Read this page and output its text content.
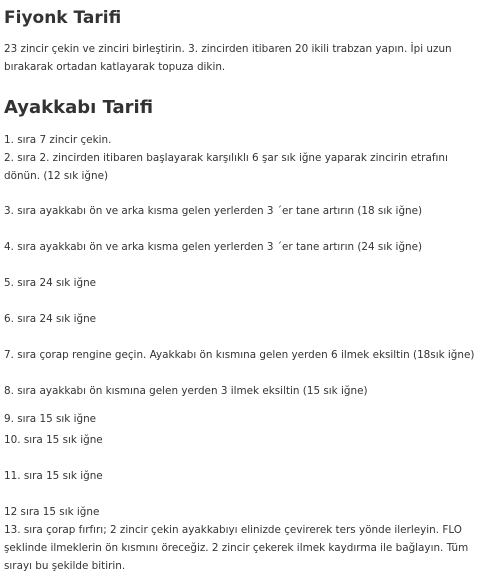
Fiyonk Tarifi

23 zincir çekin ve zinciri birleştirin. 3. zincirden itibaren 20 ikili trabzan yapın. İpi uzun bırakarak ortadan katlayarak topuza dikin.

Ayakkabı Tarifi

1. sıra 7 zincir çekin.

2. sıra 2. zincirden itibaren başlayarak karşılıklı 6 şar sık iğne yaparak zincirin etrafını dönün. (12 sık iğne)

3. sıra ayakkabı ön ve arka kısma gelen yerlerden 3 ´er tane artırın (18 sık iğne)

4. sıra ayakkabı ön ve arka kısma gelen yerlerden 3 ´er tane artırın (24 sık iğne)

5. sıra 24 sık iğne

6. sıra 24 sık iğne

7. sıra çorap rengine geçin. Ayakkabı ön kısmına gelen yerden 6 ilmek eksiltin (18sık iğne)

8. sıra ayakkabı ön kısmına gelen yerden 3 ilmek eksiltin (15 sık iğne)

9. sıra 15 sık iğne

10. sıra 15 sık iğne

11. sıra 15 sık iğne

12 sıra 15 sık iğne

13. sıra çorap fırfırı; 2 zincir çekin ayakkabıyı elinizde çevirerek ters yönde ilerleyin. FLO şeklinde ilmeklerin ön kısmını öreceğiz. 2 zincir çekerek ilmek kaydırma ile bağlayın. Tüm sırayı bu şekilde bitirin.
